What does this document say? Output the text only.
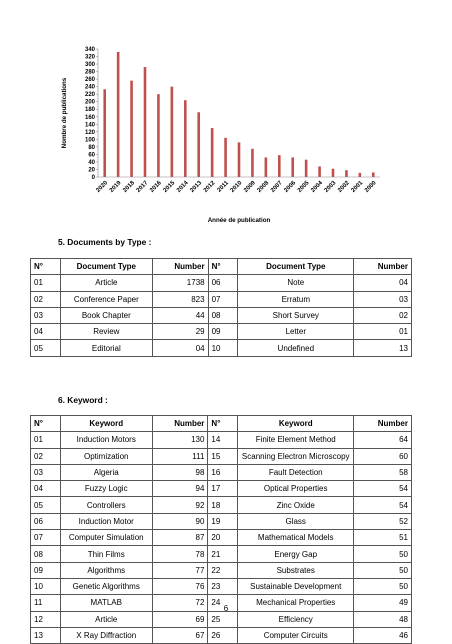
0
20
40
60
80
100
120
140
160
180
200
220
240
260
280
300
320
340
2020 2019 2018 2017 2016 2015 2014 2013 2012 2011 2010 2009 2008 2007 2006 2005 2004 2003 2002 2001 2000
Nombre de publications
Année de publication
5. Documents by Type :
N°	Document Type	Number	N°	Document Type	Number
01	Article	1738	06	Note	04
02	Conference Paper	823	07	Erratum	03
03	Book Chapter	44	08	Short Survey	02
04	Review	29	09	Letter	01
05	Editorial	04	10	Undefined	13
6. Keyword :
N°	Keyword	Number	N°	Keyword	Number
01	Induction Motors	130	14	Finite Element Method	64
02	Optimization	111	15	Scanning Electron Microscopy	60
03	Algeria	98	16	Fault Detection	58
04	Fuzzy Logic	94	17	Optical Properties	54
05	Controllers	92	18	Zinc Oxide	54
06	Induction Motor	90	19	Glass	52
07	Computer Simulation	87	20	Mathematical Models	51
08	Thin Films	78	21	Energy Gap	50
09	Algorithms	77	22	Substrates	50
10	Genetic Algorithms	76	23	Sustainable Development	50
11	MATLAB	72	24	Mechanical Properties	49
12	Article	69	25	Efficiency	48
13	X Ray Diffraction	67	26	Computer Circuits	46
6
